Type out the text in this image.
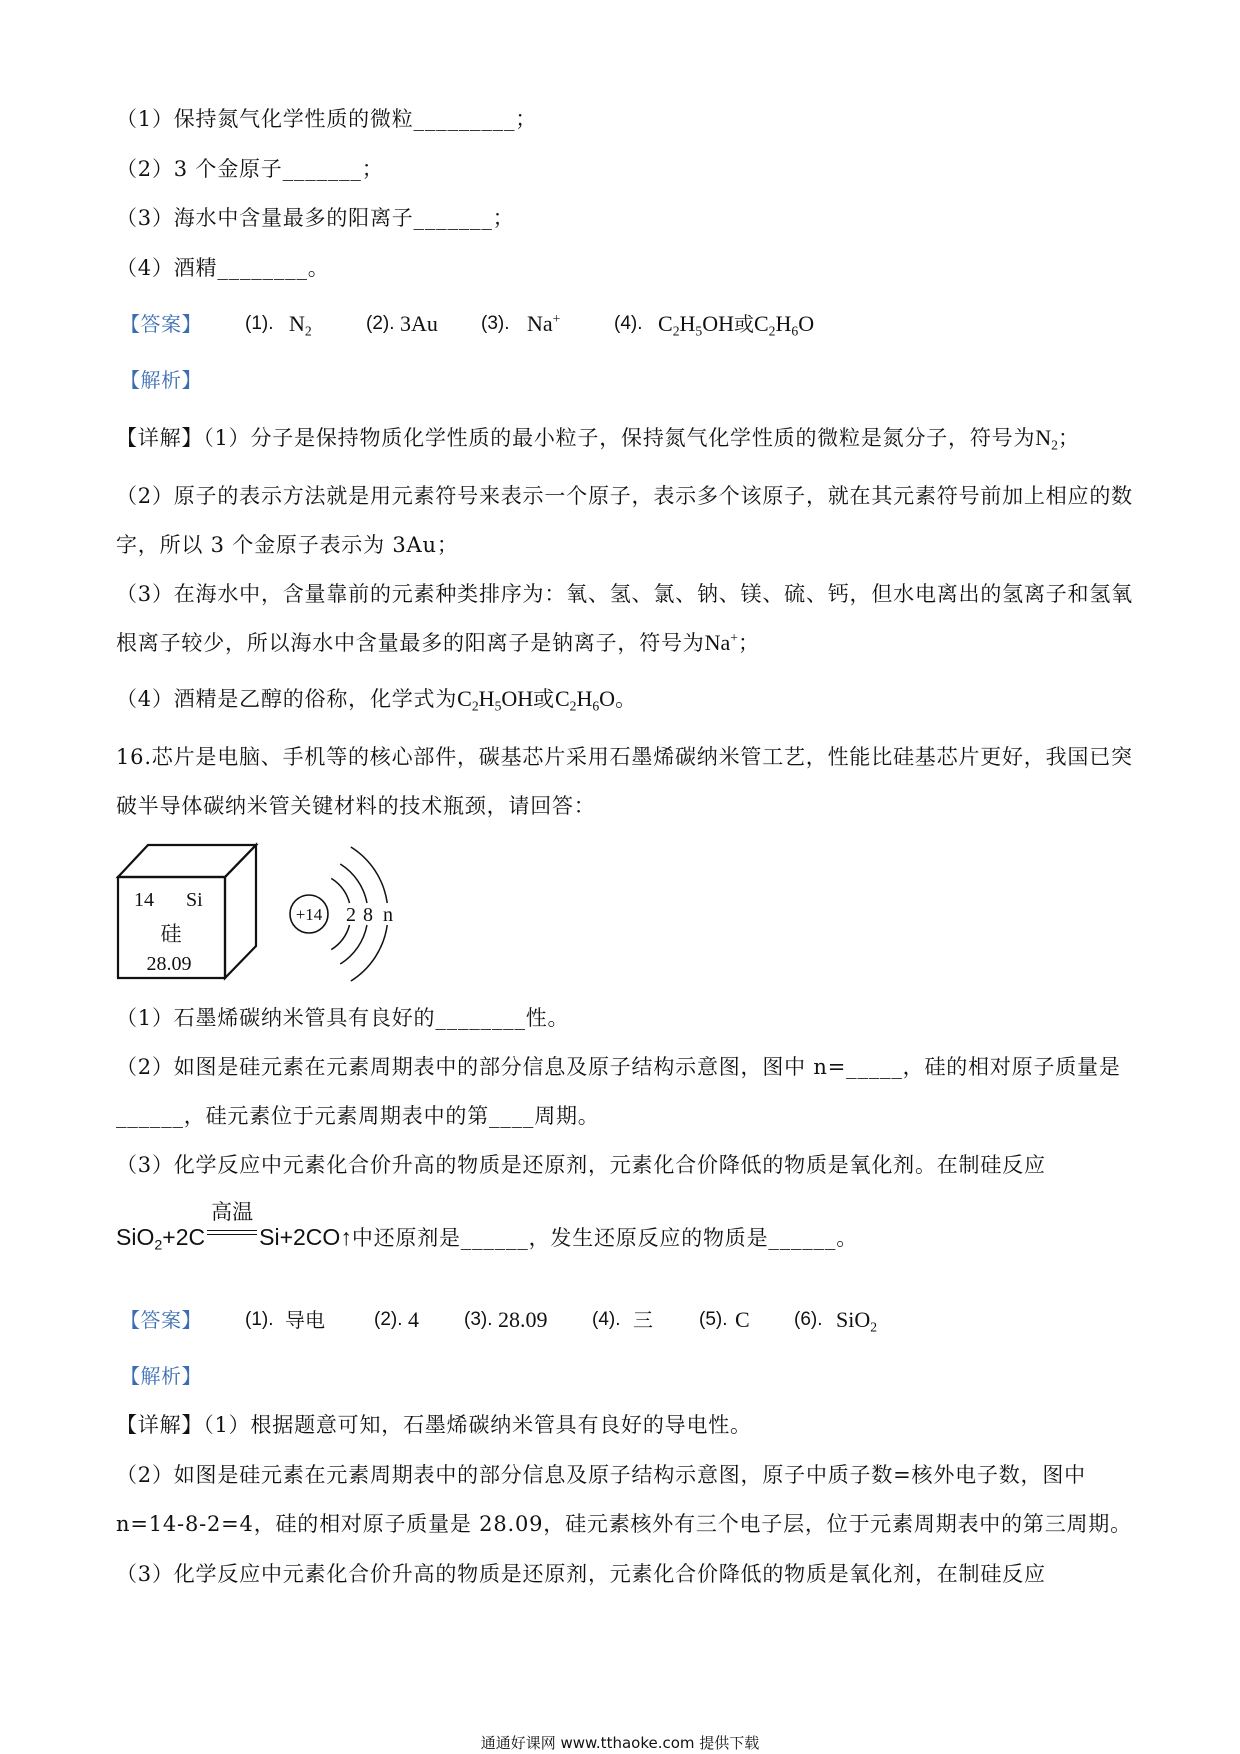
（1）保持氮气化学性质的微粒_________；
（2）3 个金原子_______；
（3）海水中含量最多的阳离子_______；
（4）酒精________。
【答案】 (1). $N_2$	(2). 3Au (3). Na+	(4). $C_2H_5OH$或$C_2H_6O$
【解析】
【详解】（1）分子是保持物质化学性质的最小粒子，保持氮气化学性质的微粒是氮分子，符号为$N_2$；
（2）原子的表示方法就是用元素符号来表示一个原子，表示多个该原子，就在其元素符号前加上相应的数
字，所以 3 个金原子表示为 3Au；
（3）在海水中，含量靠前的元素种类排序为：氧、氢、氯、钠、镁、硫、钙，但水电离出的氢离子和氢氧
根离子较少，所以海水中含量最多的阳离子是钠离子，符号为Na+；
（4）酒精是乙醇的俗称，化学式为$C_2H_5OH$或$C_2H_6O$。
16.芯片是电脑、手机等的核心部件，碳基芯片采用石墨烯碳纳米管工艺，性能比硅基芯片更好，我国已突
破半导体碳纳米管关键材料的技术瓶颈，请回答：
14 Si
硅
28.09
+14 2 8 n
（1）石墨烯碳纳米管具有良好的________性。
（2）如图是硅元素在元素周期表中的部分信息及原子结构示意图，图中 n=_____，硅的相对原子质量是
______，硅元素位于元素周期表中的第____周期。
（3）化学反应中元素化合价升高的物质是还原剂，元素化合价降低的物质是氧化剂。在制硅反应
SiO$_2$+2C
高温
Si+2CO↑中还原剂是______，发生还原反应的物质是______。
【答案】 (1). 导电	(2). 4 (3). 28.09 (4). 三 (5). C (6). SiO$_2$
【解析】
【详解】（1）根据题意可知，石墨烯碳纳米管具有良好的导电性。
（2）如图是硅元素在元素周期表中的部分信息及原子结构示意图，原子中质子数=核外电子数，图中
n=14-8-2=4，硅的相对原子质量是 28.09，硅元素核外有三个电子层，位于元素周期表中的第三周期。
（3）化学反应中元素化合价升高的物质是还原剂，元素化合价降低的物质是氧化剂，在制硅反应
通通好课网 www.tthaoke.com 提供下载
